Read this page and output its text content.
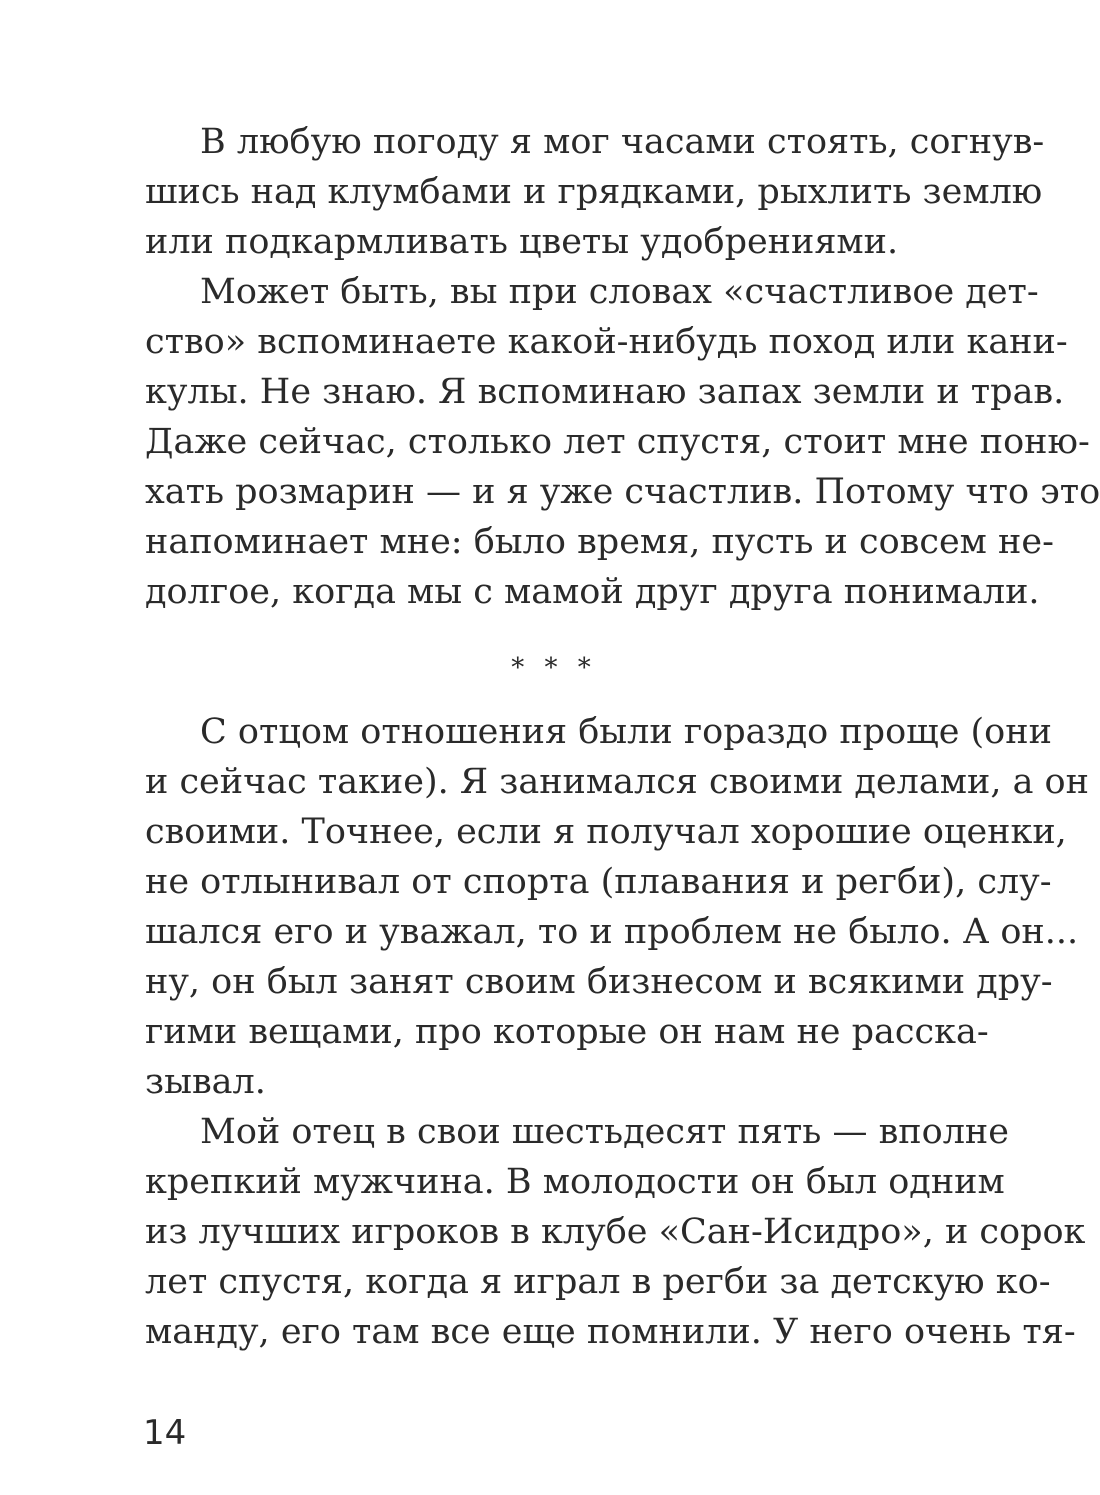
В любую погоду я мог часами стоять, согнув-
шись над клумбами и грядками, рыхлить землю
или подкармливать цветы удобрениями.
Может быть, вы при словах «счастливое дет-
ство» вспоминаете какой-нибудь поход или кани-
кулы. Не знаю. Я вспоминаю запах земли и трав.
Даже сейчас, столько лет спустя, стоит мне поню-
хать розмарин — и я уже счастлив. Потому что это
напоминает мне: было время, пусть и совсем не-
долгое, когда мы с мамой друг друга понимали.
* * *
С отцом отношения были гораздо проще (они
и сейчас такие). Я занимался своими делами, а он
своими. Точнее, если я получал хорошие оценки,
не отлынивал от спорта (плавания и регби), слу-
шался его и уважал, то и проблем не было. А он...
ну, он был занят своим бизнесом и всякими дру-
гими вещами, про которые он нам не расска-
зывал.
Мой отец в свои шестьдесят пять — вполне
крепкий мужчина. В молодости он был одним
из лучших игроков в клубе «Сан-Исидро», и сорок
лет спустя, когда я играл в регби за детскую ко-
манду, его там все еще помнили. У него очень тя-
14
